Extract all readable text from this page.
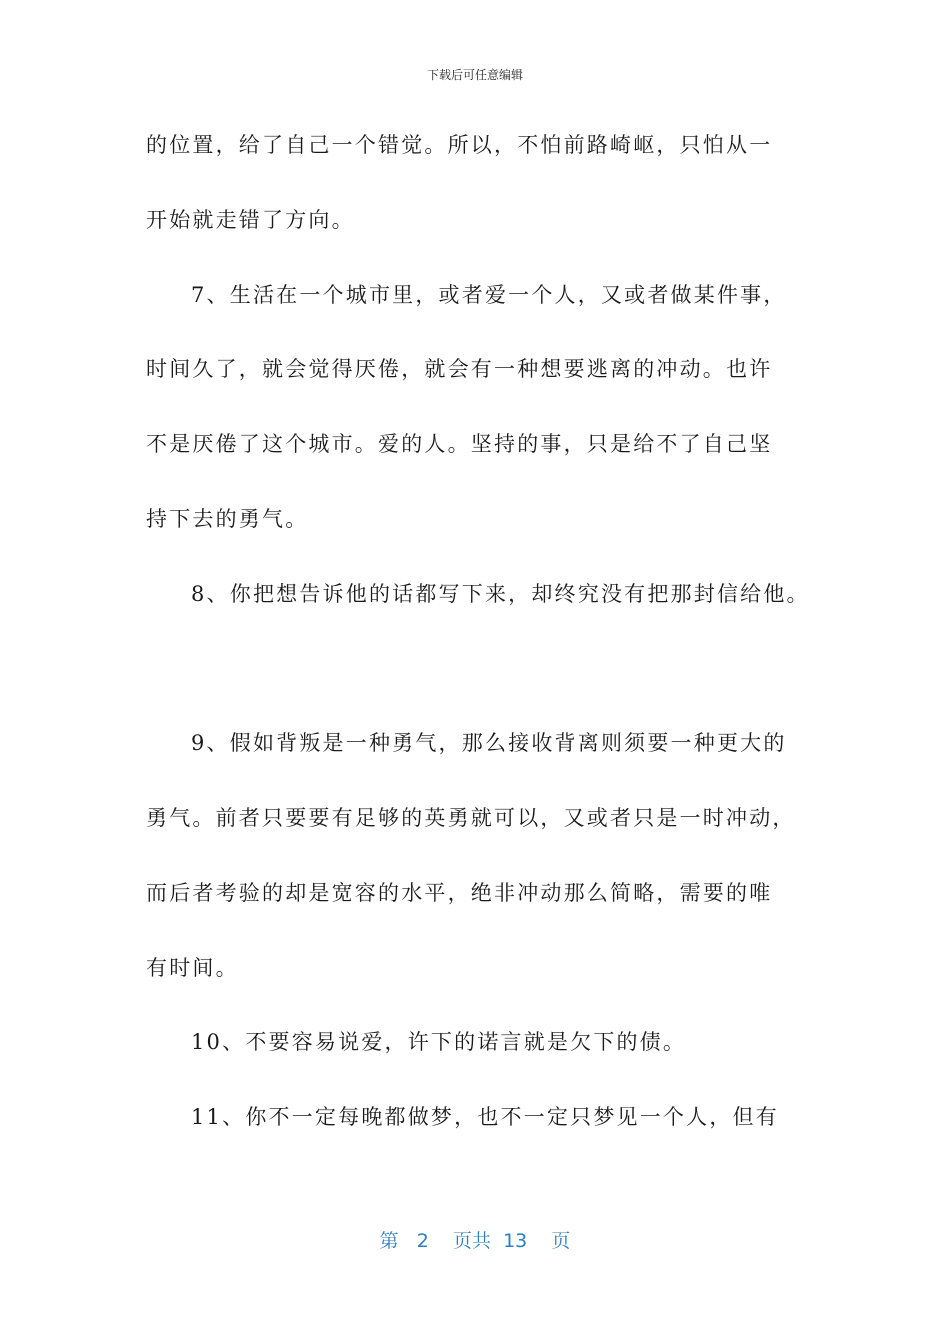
下载后可任意编辑
的位置，给了自己一个错觉。所以，不怕前路崎岖，只怕从一
开始就走错了方向。
7、生活在一个城市里，或者爱一个人，又或者做某件事，
时间久了，就会觉得厌倦，就会有一种想要逃离的冲动。也许
不是厌倦了这个城市。爱的人。坚持的事，只是给不了自己坚
持下去的勇气。
8、你把想告诉他的话都写下来，却终究没有把那封信给他。
9、假如背叛是一种勇气，那么接收背离则须要一种更大的
勇气。前者只要要有足够的英勇就可以，又或者只是一时冲动，
而后者考验的却是宽容的水平，绝非冲动那么简略，需要的唯
有时间。
10、不要容易说爱，许下的诺言就是欠下的债。
11、你不一定每晚都做梦，也不一定只梦见一个人，但有
第 2 页共 13 页
